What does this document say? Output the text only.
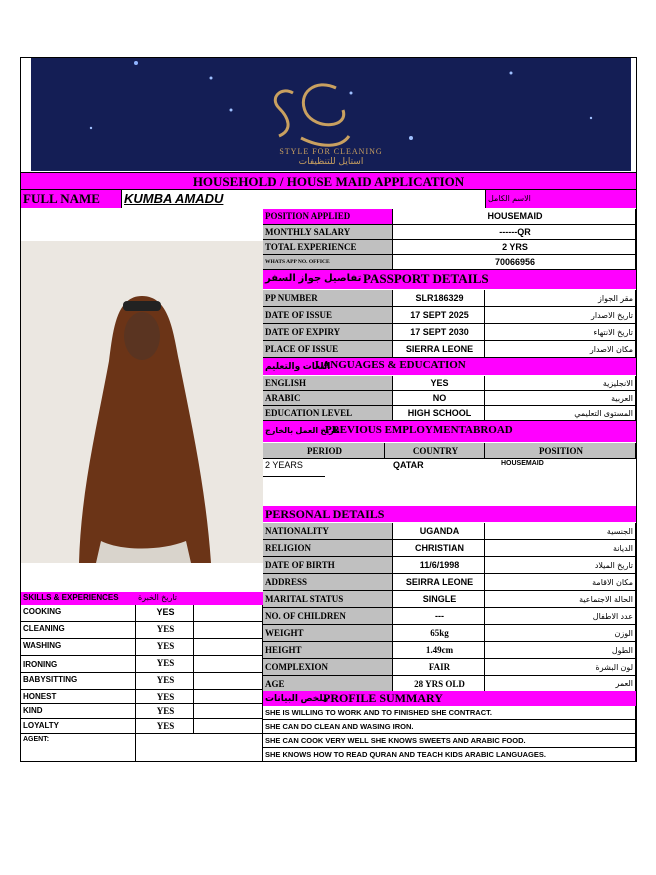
STYLE FOR CLEANING
استايل للتنظيفات
HOUSEHOLD / HOUSE MAID APPLICATION
FULL NAME	KUMBA AMADU	الاسم الكامل
POSITION APPLIED	HOUSEMAID
MONTHLY SALARY	------QR
TOTAL EXPERIENCE	2 YRS
WHATS APP NO. OFFICE	70066956
تفاصيل جواز السفر PASSPORT DETAILS
PP NUMBER	SLR186329	مقر الجواز
DATE OF ISSUE	17 SEPT 2025	تاريخ الاصدار
DATE OF EXPIRY	17 SEPT 2030	تاريخ الانتهاء
PLACE OF ISSUE	SIERRA LEONE	مكان الاصدار
اللغات والتعليم
LANGUAGES & EDUCATION
ENGLISH	YES	الانجليزية
ARABIC	NO	العربية
EDUCATION LEVEL	HIGH SCHOOL	المستوى التعليمي
تاريخ العمل بالخارج
PREVIOUS EMPLOYMENTABROAD
PERIOD	COUNTRY	POSITION
2 YEARS	QATAR	HOUSEMAID
PERSONAL DETAILS
NATIONALITY	UGANDA	الجنسية
RELIGION	CHRISTIAN	الديانة
DATE OF BIRTH	11/6/1998	تاريخ الميلاد
ADDRESS	SEIRRA LEONE	مكان الاقامة
MARITAL STATUS	SINGLE	الحالة الاجتماعية
NO. OF CHILDREN	---	عدد الاطفال
WEIGHT	65kg	الوزن
HEIGHT	1.49cm	الطول
COMPLEXION	FAIR	لون البشرة
AGE	28 YRS OLD	العمر
ملخص البيانات
PROFILE SUMMARY
SHE IS WILLING TO WORK AND TO FINISHED SHE CONTRACT.
SHE CAN DO CLEAN AND WASING IRON.
SHE CAN COOK VERY WELL SHE KNOWS SWEETS AND ARABIC FOOD.
SHE KNOWS HOW TO READ QURAN AND TEACH KIDS ARABIC LANGUAGES.
SKILLS & EXPERIENCES تاريخ الخبرة
COOKING	YES
CLEANING	YES
WASHING	YES
IRONING	YES
BABYSITTING	YES
HONEST	YES
KIND	YES
LOYALTY	YES
AGENT:
